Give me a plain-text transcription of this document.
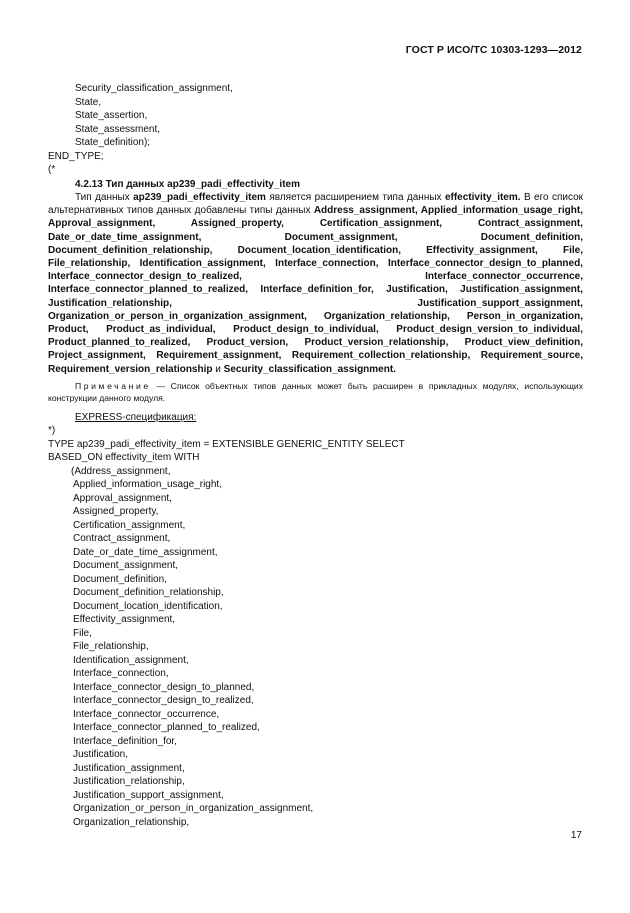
ГОСТ Р ИСО/ТС 10303-1293—2012
Security_classification_assignment,
State,
State_assertion,
State_assessment,
State_definition);
END_TYPE;
(*
4.2.13 Тип данных ap239_padi_effectivity_item
Тип данных ap239_padi_effectivity_item является расширением типа данных effectivity_item. В его список альтернативных типов данных добавлены типы данных Address_assignment, Applied_information_usage_right, Approval_assignment, Assigned_property, Certification_assignment, Contract_assignment, Date_or_date_time_assignment, Document_assignment, Document_definition, Document_definition_relationship, Document_location_identification, Effectivity_assignment, File, File_relationship, Identification_assignment, Interface_connection, Interface_connector_design_to_planned, Interface_connector_design_to_realized, Interface_connector_occurrence, Interface_connector_planned_to_realized, Interface_definition_for, Justification, Justification_assignment, Justification_relationship, Justification_support_assignment, Organization_or_person_in_organization_assignment, Organization_relationship, Person_in_organization, Product, Product_as_individual, Product_design_to_individual, Product_design_version_to_individual, Product_planned_to_realized, Product_version, Product_version_relationship, Product_view_definition, Project_assignment, Requirement_assignment, Requirement_collection_relationship, Requirement_source, Requirement_version_relationship и Security_classification_assignment.
Примечание — Список объектных типов данных может быть расширен в прикладных модулях, использующих конструкции данного модуля.
EXPRESS-спецификация:
*)
TYPE ap239_padi_effectivity_item = EXTENSIBLE GENERIC_ENTITY SELECT
BASED_ON effectivity_item WITH
(Address_assignment,
Applied_information_usage_right,
Approval_assignment,
Assigned_property,
Certification_assignment,
Contract_assignment,
Date_or_date_time_assignment,
Document_assignment,
Document_definition,
Document_definition_relationship,
Document_location_identification,
Effectivity_assignment,
File,
File_relationship,
Identification_assignment,
Interface_connection,
Interface_connector_design_to_planned,
Interface_connector_design_to_realized,
Interface_connector_occurrence,
Interface_connector_planned_to_realized,
Interface_definition_for,
Justification,
Justification_assignment,
Justification_relationship,
Justification_support_assignment,
Organization_or_person_in_organization_assignment,
Organization_relationship,
17
